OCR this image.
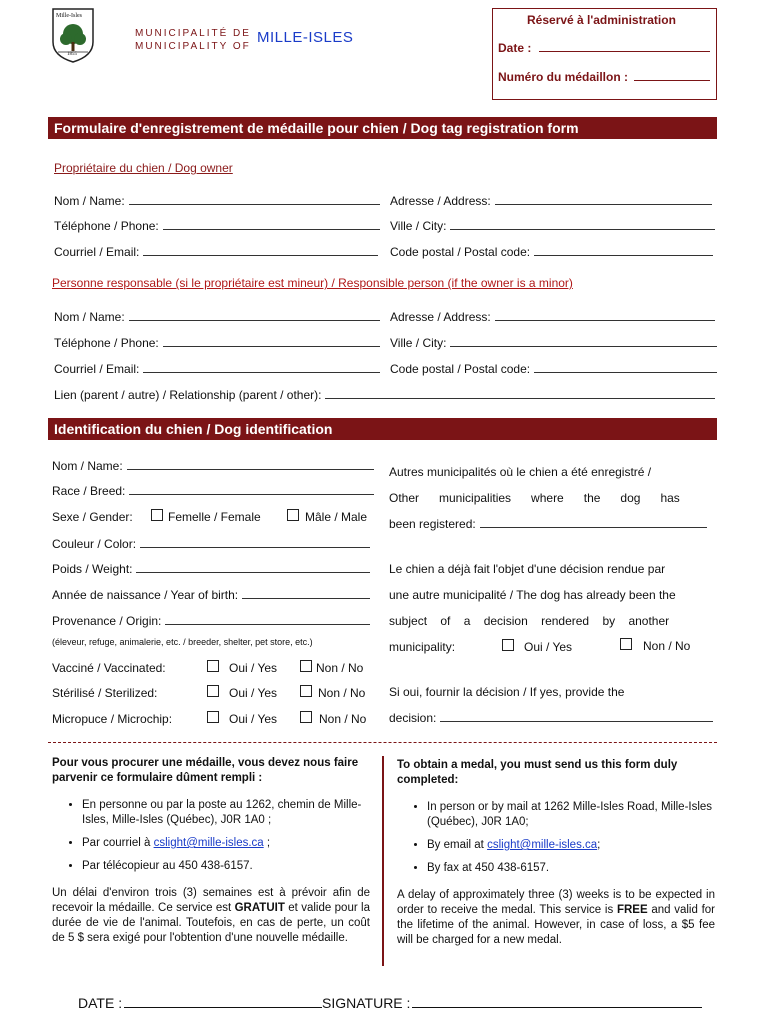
Mille-Isles
1855
MUNICIPALITÉ DE
MUNICIPALITY OF
MILLE-ISLES
Réservé à l'administration
Date :
Numéro du médaillon :
Formulaire d'enregistrement de médaille pour chien / Dog tag registration form
Propriétaire du chien / Dog owner
Nom / Name:	Adresse / Address:
Téléphone / Phone:	Ville / City:
Courriel / Email:	Code postal / Postal code:
Personne responsable (si le propriétaire est mineur) / Responsible person (if the owner is a minor)
Nom / Name:	Adresse / Address:
Téléphone / Phone:	Ville / City:
Courriel / Email:	Code postal / Postal code:
Lien (parent / autre) / Relationship (parent / other):
Identification du chien / Dog identification
Nom / Name:
Race / Breed:
Sexe / Gender:	Femelle / Female	Mâle / Male
Couleur / Color:
Poids / Weight:
Année de naissance / Year of birth:
Provenance / Origin:
(éleveur, refuge, animalerie, etc. / breeder, shelter, pet store, etc.)
Vacciné / Vaccinated:	Oui / Yes	Non / No
Stérilisé / Sterilized:	Oui / Yes	Non / No
Micropuce / Microchip:	Oui / Yes	Non / No
Autres municipalités où le chien a été enregistré /
Other      municipalities      where      the      dog      has
been registered:
Le chien a déjà fait l'objet d'une décision rendue par
une autre municipalité / The dog has already been the
subject    of    a    decision    rendered    by    another
municipality:	Oui / Yes	Non / No
Si oui, fournir la décision / If yes, provide the
decision:
Pour vous procurer une médaille, vous devez nous faire parvenir ce formulaire dûment rempli :
• En personne ou par la poste au 1262, chemin de Mille-Isles, Mille-Isles (Québec), J0R 1A0 ;
• Par courriel à cslight@mille-isles.ca ;
• Par télécopieur au 450 438-6157.
Un délai d'environ trois (3) semaines est à prévoir afin de recevoir la médaille. Ce service est GRATUIT et valide pour la durée de vie de l'animal. Toutefois, en cas de perte, un coût de 5 $ sera exigé pour l'obtention d'une nouvelle médaille.
To obtain a medal, you must send us this form duly completed:
• In person or by mail at 1262 Mille-Isles Road, Mille-Isles (Québec), J0R 1A0;
• By email at cslight@mille-isles.ca;
• By fax at 450 438-6157.
A delay of approximately three (3) weeks is to be expected in order to receive the medal. This service is FREE and valid for the lifetime of the animal. However, in case of loss, a $5 fee will be charged for a new medal.
DATE :	SIGNATURE :
